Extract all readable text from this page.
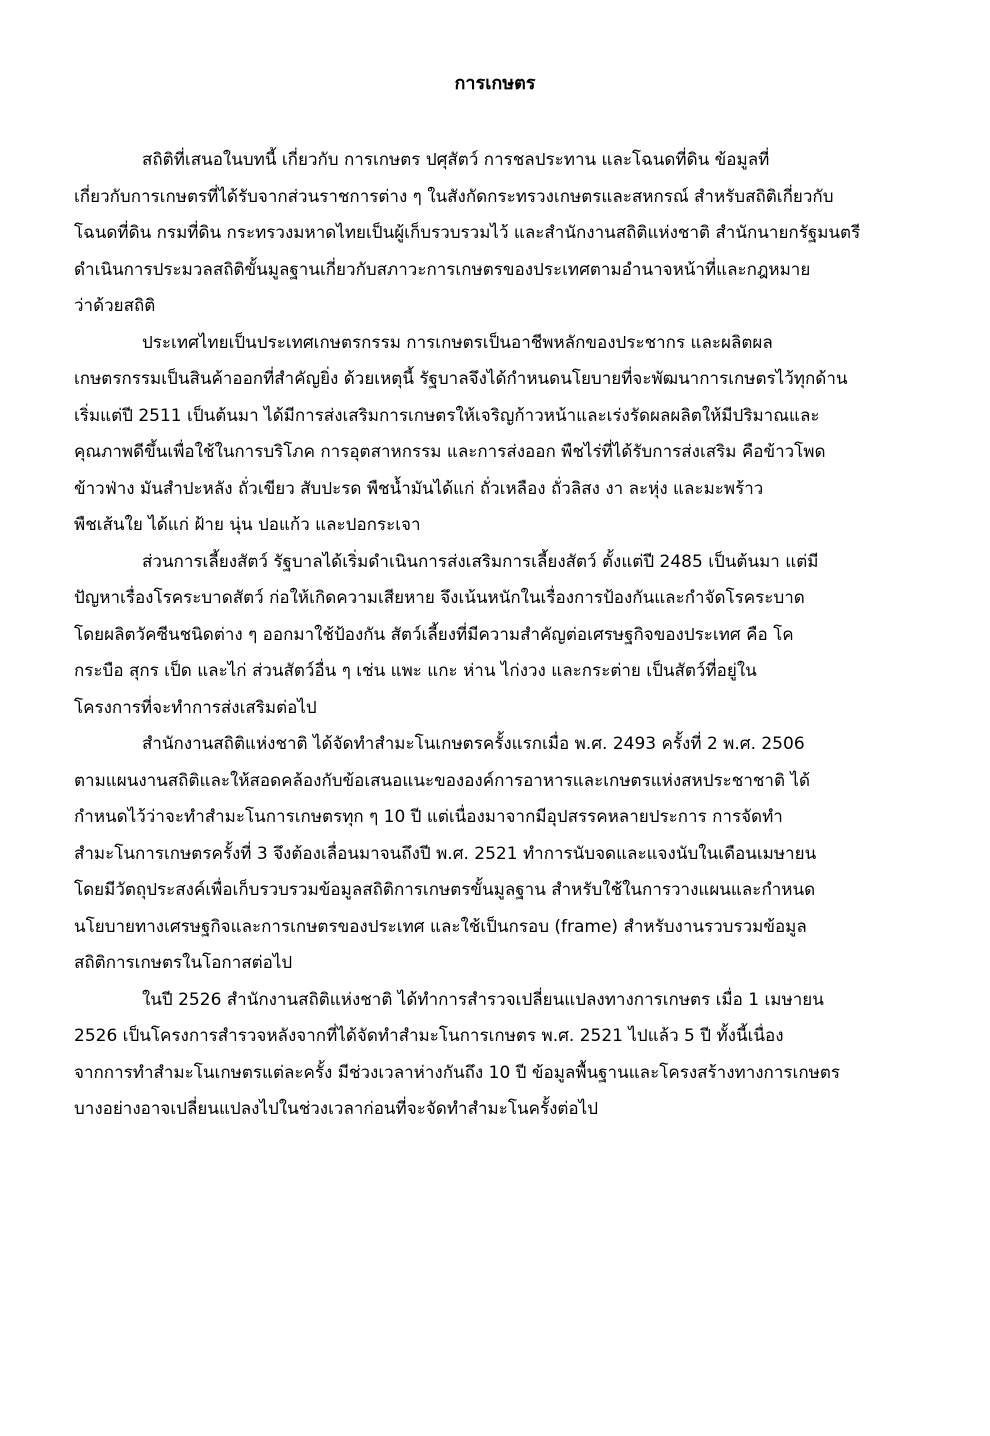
การเกษตร

สถิติที่เสนอในบทนี้ เกี่ยวกับ การเกษตร ปศุสัตว์ การชลประทาน และโฉนดที่ดิน ข้อมูลที่
เกี่ยวกับการเกษตรที่ได้รับจากส่วนราชการต่าง ๆ ในสังกัดกระทรวงเกษตรและสหกรณ์ สำหรับสถิติเกี่ยวกับ
โฉนดที่ดิน กรมที่ดิน กระทรวงมหาดไทยเป็นผู้เก็บรวบรวมไว้ และสำนักงานสถิติแห่งชาติ สำนักนายกรัฐมนตรี
ดำเนินการประมวลสถิติขั้นมูลฐานเกี่ยวกับสภาวะการเกษตรของประเทศตามอำนาจหน้าที่และกฎหมาย
ว่าด้วยสถิติ

ประเทศไทยเป็นประเทศเกษตรกรรม การเกษตรเป็นอาชีพหลักของประชากร และผลิตผล
เกษตรกรรมเป็นสินค้าออกที่สำคัญยิ่ง ด้วยเหตุนี้ รัฐบาลจึงได้กำหนดนโยบายที่จะพัฒนาการเกษตรไว้ทุกด้าน
เริ่มแต่ปี 2511 เป็นต้นมา ได้มีการส่งเสริมการเกษตรให้เจริญก้าวหน้าและเร่งรัดผลผลิตให้มีปริมาณและ
คุณภาพดีขึ้นเพื่อใช้ในการบริโภค การอุตสาหกรรม และการส่งออก พืชไร่ที่ได้รับการส่งเสริม คือข้าวโพด
ข้าวฟ่าง มันสำปะหลัง ถั่วเขียว สับปะรด พืชน้ำมันได้แก่ ถั่วเหลือง ถั่วลิสง งา ละหุ่ง และมะพร้าว
พืชเส้นใย ได้แก่ ฝ้าย นุ่น ปอแก้ว และปอกระเจา

ส่วนการเลี้ยงสัตว์ รัฐบาลได้เริ่มดำเนินการส่งเสริมการเลี้ยงสัตว์ ตั้งแต่ปี 2485 เป็นต้นมา แต่มี
ปัญหาเรื่องโรคระบาดสัตว์ ก่อให้เกิดความเสียหาย จึงเน้นหนักในเรื่องการป้องกันและกำจัดโรคระบาด
โดยผลิตวัคซีนชนิดต่าง ๆ ออกมาใช้ป้องกัน สัตว์เลี้ยงที่มีความสำคัญต่อเศรษฐกิจของประเทศ คือ โค
กระบือ สุกร เป็ด และไก่ ส่วนสัตว์อื่น ๆ เช่น แพะ แกะ ห่าน ไก่งวง และกระต่าย เป็นสัตว์ที่อยู่ใน
โครงการที่จะทำการส่งเสริมต่อไป

สำนักงานสถิติแห่งชาติ ได้จัดทำสำมะโนเกษตรครั้งแรกเมื่อ พ.ศ. 2493 ครั้งที่ 2 พ.ศ. 2506
ตามแผนงานสถิติและให้สอดคล้องกับข้อเสนอแนะขององค์การอาหารและเกษตรแห่งสหประชาชาติ ได้
กำหนดไว้ว่าจะทำสำมะโนการเกษตรทุก ๆ 10 ปี แต่เนื่องมาจากมีอุปสรรคหลายประการ การจัดทำ
สำมะโนการเกษตรครั้งที่ 3 จึงต้องเลื่อนมาจนถึงปี พ.ศ. 2521 ทำการนับจดและแจงนับในเดือนเมษายน
โดยมีวัตถุประสงค์เพื่อเก็บรวบรวมข้อมูลสถิติการเกษตรขั้นมูลฐาน สำหรับใช้ในการวางแผนและกำหนด
นโยบายทางเศรษฐกิจและการเกษตรของประเทศ และใช้เป็นกรอบ (frame) สำหรับงานรวบรวมข้อมูล
สถิติการเกษตรในโอกาสต่อไป

ในปี 2526 สำนักงานสถิติแห่งชาติ ได้ทำการสำรวจเปลี่ยนแปลงทางการเกษตร เมื่อ 1 เมษายน
2526 เป็นโครงการสำรวจหลังจากที่ได้จัดทำสำมะโนการเกษตร พ.ศ. 2521 ไปแล้ว 5 ปี ทั้งนี้เนื่อง
จากการทำสำมะโนเกษตรแต่ละครั้ง มีช่วงเวลาห่างกันถึง 10 ปี ข้อมูลพื้นฐานและโครงสร้างทางการเกษตร
บางอย่างอาจเปลี่ยนแปลงไปในช่วงเวลาก่อนที่จะจัดทำสำมะโนครั้งต่อไป
